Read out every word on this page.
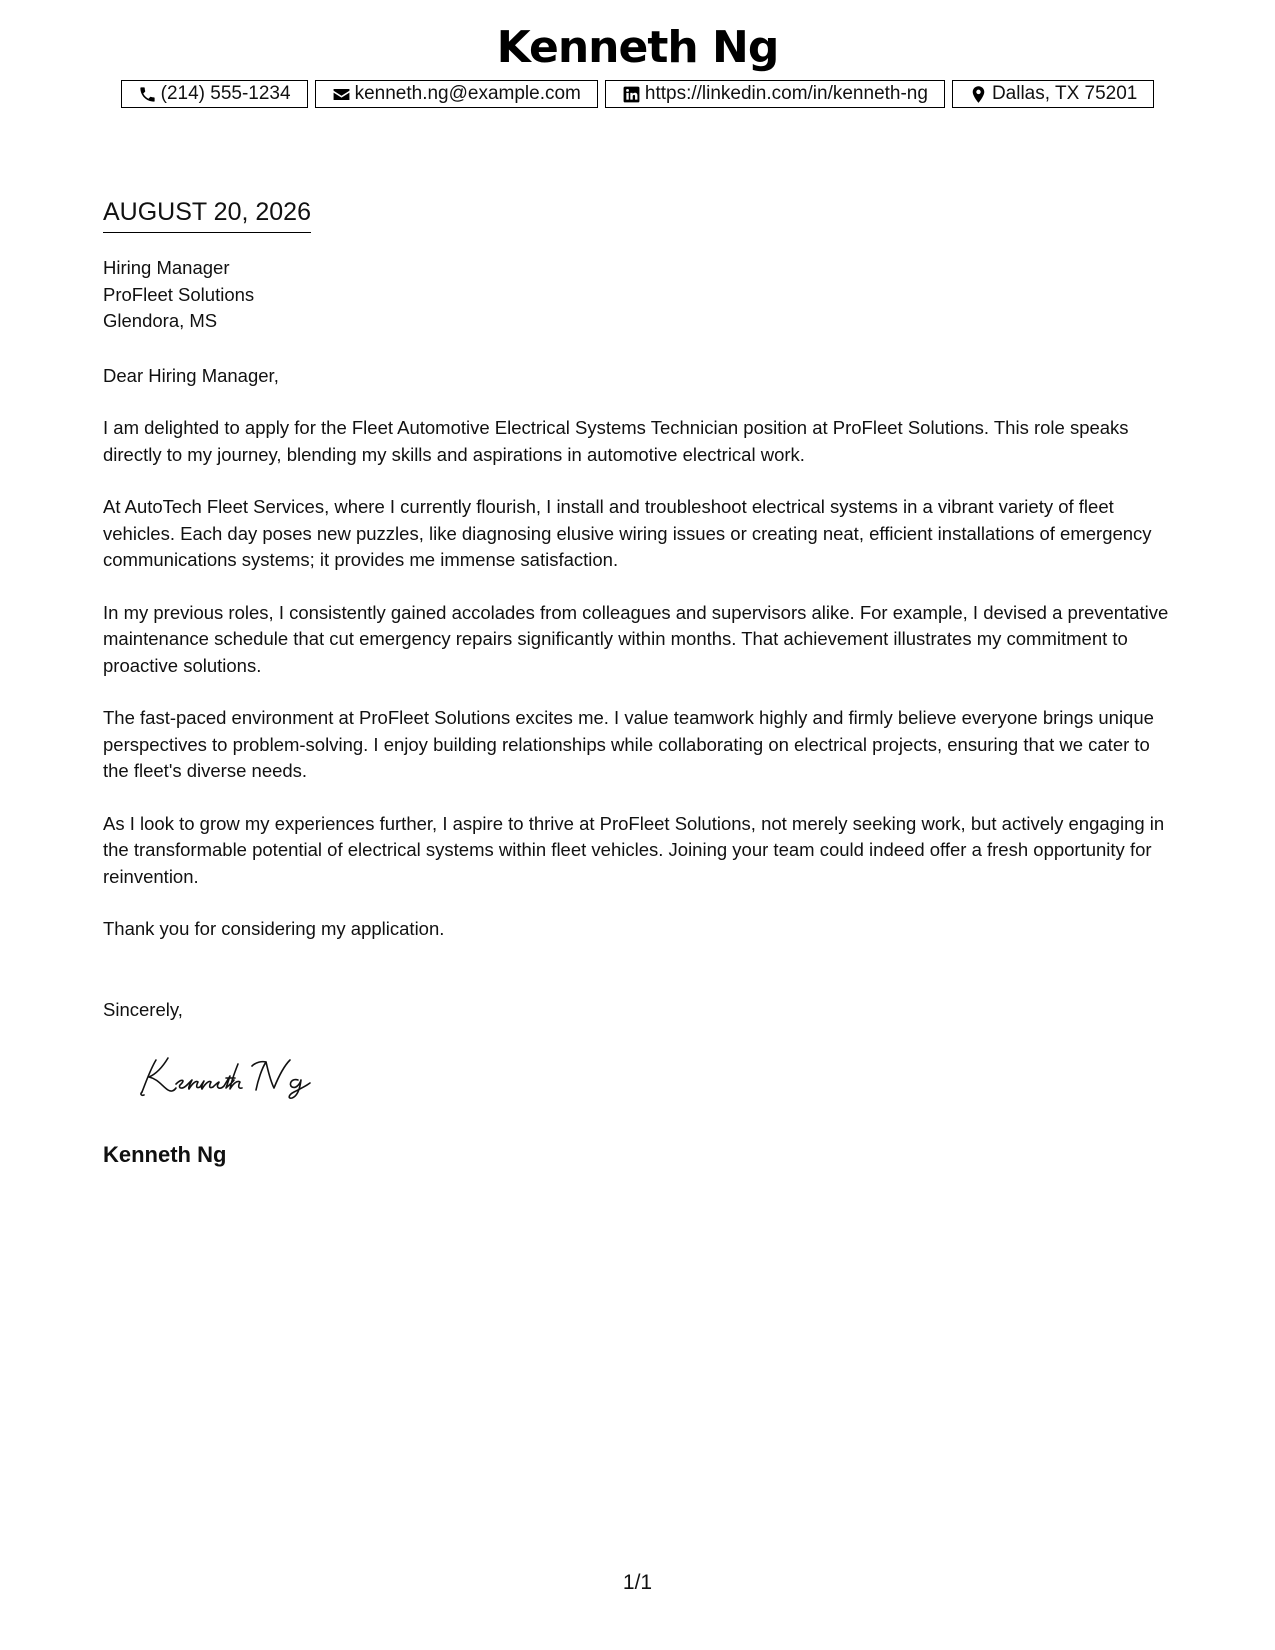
Kenneth Ng
(214) 555-1234	kenneth.ng@example.com	https://linkedin.com/in/kenneth-ng	Dallas, TX 75201
AUGUST 20, 2026
Hiring Manager
ProFleet Solutions
Glendora, MS
Dear Hiring Manager,

I am delighted to apply for the Fleet Automotive Electrical Systems Technician position at ProFleet Solutions. This role speaks directly to my journey, blending my skills and aspirations in automotive electrical work.

At AutoTech Fleet Services, where I currently flourish, I install and troubleshoot electrical systems in a vibrant variety of fleet vehicles. Each day poses new puzzles, like diagnosing elusive wiring issues or creating neat, efficient installations of emergency communications systems; it provides me immense satisfaction.

In my previous roles, I consistently gained accolades from colleagues and supervisors alike. For example, I devised a preventative maintenance schedule that cut emergency repairs significantly within months. That achievement illustrates my commitment to proactive solutions.

The fast-paced environment at ProFleet Solutions excites me. I value teamwork highly and firmly believe everyone brings unique perspectives to problem-solving. I enjoy building relationships while collaborating on electrical projects, ensuring that we cater to the fleet's diverse needs.

As I look to grow my experiences further, I aspire to thrive at ProFleet Solutions, not merely seeking work, but actively engaging in the transformable potential of electrical systems within fleet vehicles. Joining your team could indeed offer a fresh opportunity for reinvention.

Thank you for considering my application.

Sincerely,
Kenneth Ng
1/1
